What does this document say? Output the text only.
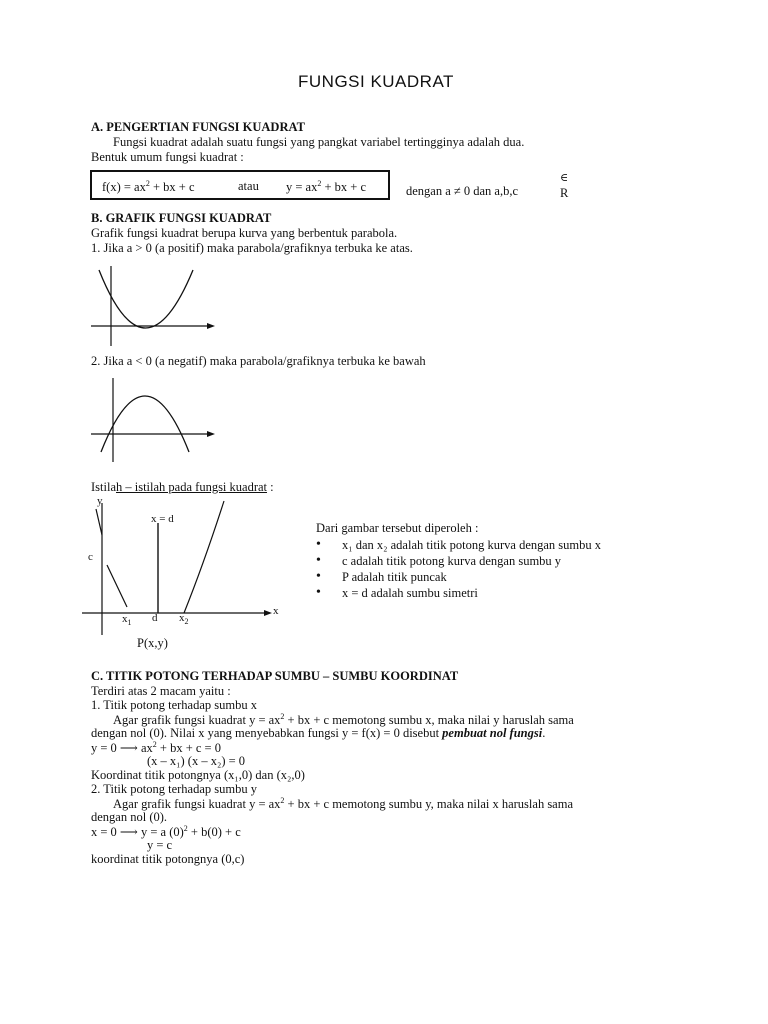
FUNGSI KUADRAT
A. PENGERTIAN FUNGSI KUADRAT
Fungsi kuadrat adalah suatu fungsi yang pangkat variabel tertingginya adalah dua.
Bentuk umum fungsi kuadrat :
$f(x) = ax^2$ + bx + c	atau $y = ax^2$ + bx + c	dengan a ≠ 0 dan a,b,c
∈
R
B. GRAFIK FUNGSI KUADRAT
Grafik fungsi kuadrat berupa kurva yang berbentuk parabola.
1. Jika a > 0 (a positif) maka parabola/grafiknya terbuka ke atas.
2. Jika a < 0 (a negatif) maka parabola/grafiknya terbuka ke bawah
Istilah – istilah pada fungsi kuadrat :
y
x = d
c
x
$x_1$ d $x_2$
P(x,y)
Dari gambar tersebut diperoleh :
• x₁ dan x₂ adalah titik potong kurva dengan sumbu x
• c adalah titik potong kurva dengan sumbu y
• P adalah titik puncak
• x = d adalah sumbu simetri
C. TITIK POTONG TERHADAP SUMBU – SUMBU KOORDINAT
Terdiri atas 2 macam yaitu :
1. Titik potong terhadap sumbu x
Agar grafik fungsi kuadrat $y = ax^2$ + bx + c memotong sumbu x, maka nilai y haruslah sama
dengan nol (0). Nilai x yang menyebabkan fungsi y = f(x) = 0 disebut pembuat nol fungsi.
y = 0 ⟶ $ax^2$ + bx + c = 0
(x – x₁) (x – x₂) = 0
Koordinat titik potongnya (x₁,0) dan (x₂,0)
2. Titik potong terhadap sumbu y
Agar grafik fungsi kuadrat $y = ax^2$ + bx + c memotong sumbu y, maka nilai x haruslah sama
dengan nol (0).
x = 0 ⟶ y = a $(0)^2 + b(0) + c$
y = c
koordinat titik potongnya (0,c)
